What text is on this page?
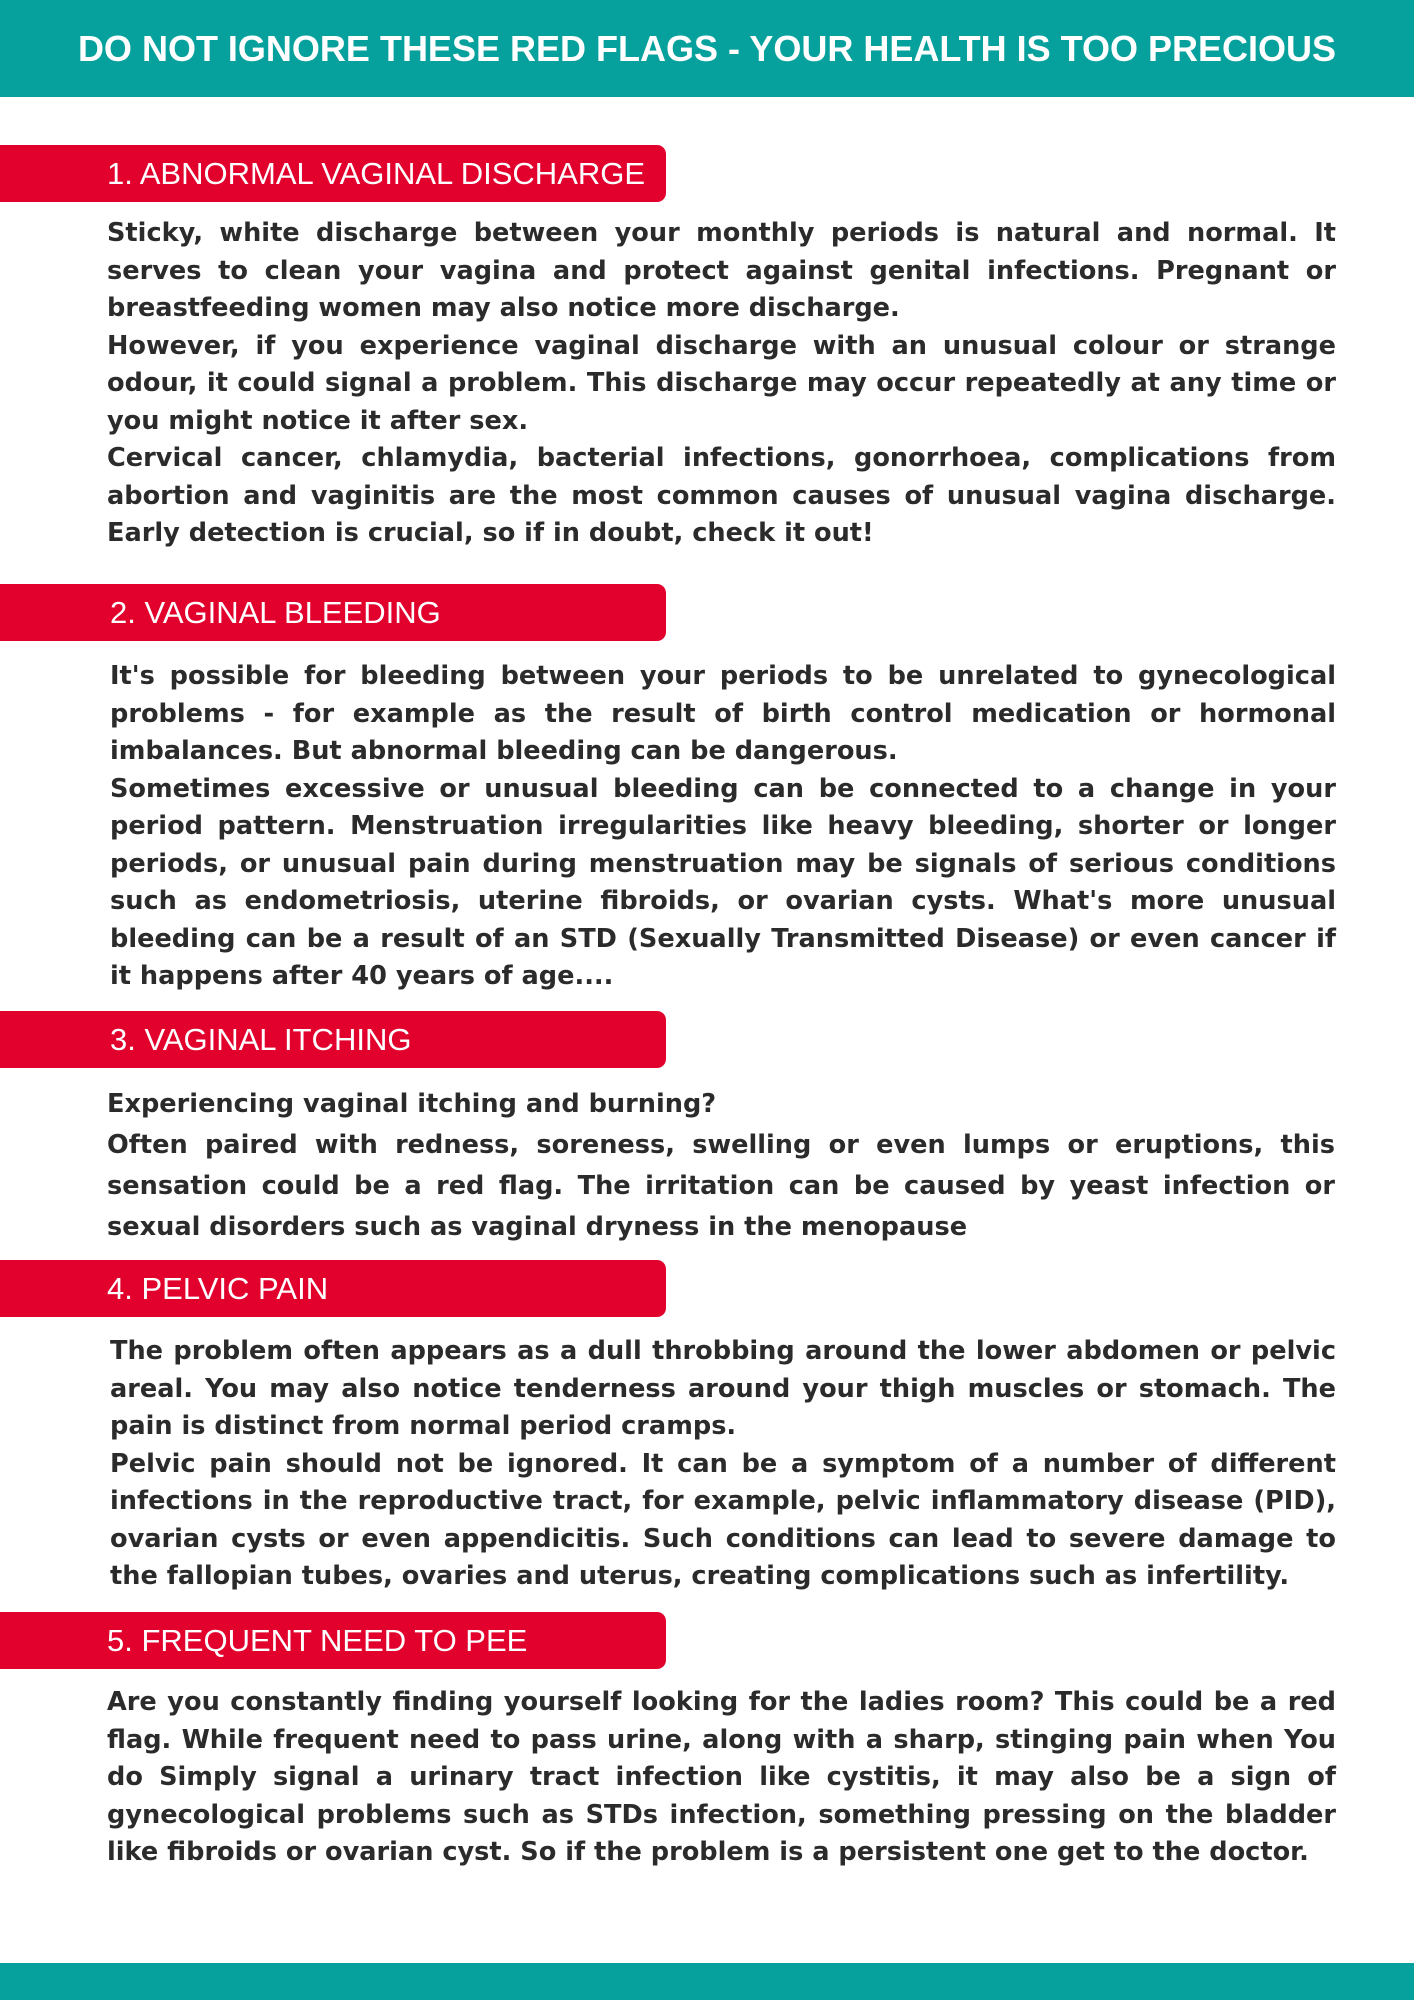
DO NOT IGNORE THESE RED FLAGS - YOUR HEALTH IS TOO PRECIOUS
1. ABNORMAL VAGINAL DISCHARGE

Sticky, white discharge between your monthly periods is natural and normal. It serves to clean your vagina and protect against genital infections. Pregnant or breastfeeding women may also notice more discharge.

However, if you experience vaginal discharge with an unusual colour or strange odour, it could signal a problem. This discharge may occur repeatedly at any time or you might notice it after sex.

Cervical cancer, chlamydia, bacterial infections, gonorrhoea, complications from abortion and vaginitis are the most common causes of unusual vagina discharge. Early detection is crucial, so if in doubt, check it out!

2. VAGINAL BLEEDING

It's possible for bleeding between your periods to be unrelated to gynecological problems - for example as the result of birth control medication or hormonal imbalances. But abnormal bleeding can be dangerous.

Sometimes excessive or unusual bleeding can be connected to a change in your period pattern. Menstruation irregularities like heavy bleeding, shorter or longer periods, or unusual pain during menstruation may be signals of serious conditions such as endometriosis, uterine fibroids, or ovarian cysts. What's more unusual bleeding can be a result of an STD (Sexually Transmitted Disease) or even cancer if it happens after 40 years of age....

3. VAGINAL ITCHING

Experiencing vaginal itching and burning?

Often paired with redness, soreness, swelling or even lumps or eruptions, this sensation could be a red flag. The irritation can be caused by yeast infection or sexual disorders such as vaginal dryness in the menopause

4. PELVIC PAIN

The problem often appears as a dull throbbing around the lower abdomen or pelvic areal. You may also notice tenderness around your thigh muscles or stomach. The pain is distinct from normal period cramps.

Pelvic pain should not be ignored. It can be a symptom of a number of different infections in the reproductive tract, for example, pelvic inflammatory disease (PID), ovarian cysts or even appendicitis. Such conditions can lead to severe damage to the fallopian tubes, ovaries and uterus, creating complications such as infertility.

5. FREQUENT NEED TO PEE

Are you constantly finding yourself looking for the ladies room? This could be a red flag. While frequent need to pass urine, along with a sharp, stinging pain when You do Simply signal a urinary tract infection like cystitis, it may also be a sign of gynecological problems such as STDs infection, something pressing on the bladder like fibroids or ovarian cyst. So if the problem is a persistent one get to the doctor.
